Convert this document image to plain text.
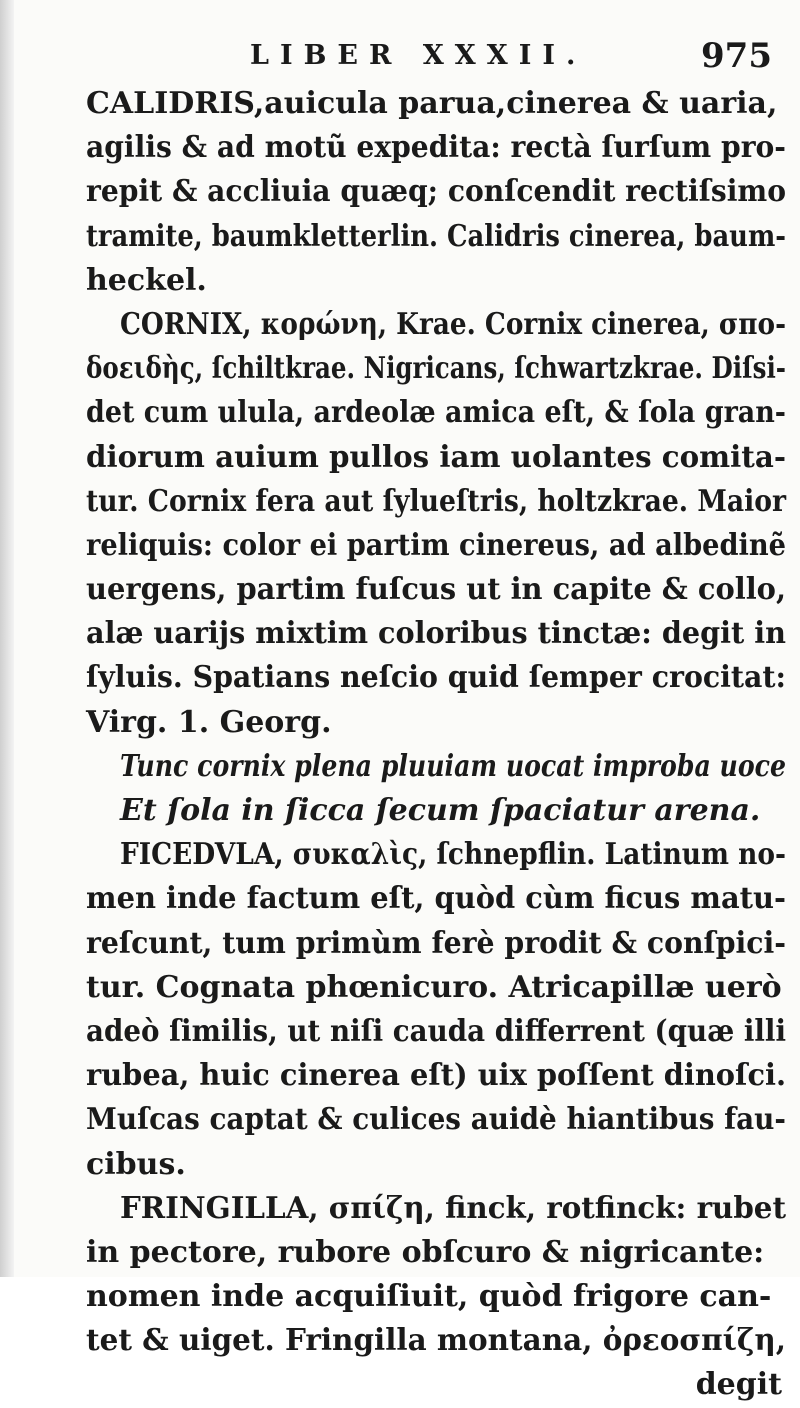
LIBER XXXII.	975
CALIDRIS,auicula parua,cinerea & uaria,
agilis & ad motũ expedita: rectà ſurſum pro-
repit & accliuia quæq; conſcendit rectiſsimo
tramite, baumkletterlin. Calidris cinerea, baum-
heckel.
CORNIX, κορώνη, Krae. Cornix cinerea, σπο-
δοειδὴς, ſchiltkrae. Nigricans, ſchwartzkrae. Diſsi-
det cum ulula, ardeolæ amica eſt, & ſola gran-
diorum auium pullos iam uolantes comita-
tur. Cornix fera aut ſylueſtris, holtzkrae. Maior
reliquis: color ei partim cinereus, ad albedinẽ
uergens, partim fuſcus ut in capite & collo,
alæ uarijs mixtim coloribus tinctæ: degit in
ſyluis. Spatians neſcio quid ſemper crocitat:
Virg. 1. Georg.
Tunc cornix plena pluuiam uocat improba uoce
Et ſola in ſicca ſecum ſpaciatur arena.
FICEDVLA, συκαλὶς, ſchnepflin. Latinum no-
men inde factum eſt, quòd cùm ficus matu-
reſcunt, tum primùm ferè prodit & conſpici-
tur. Cognata phœnicuro. Atricapillæ uerò
adeò ſimilis, ut niſi cauda differrent (quæ illi
rubea, huic cinerea eſt) uix poſſent dinoſci.
Muſcas captat & culices auidè hiantibus fau-
cibus.
FRINGILLA, σπίζη, finck, rotfinck: rubet
in pectore, rubore obſcuro & nigricante:
nomen inde acquiſiuit, quòd frigore can-
tet & uiget. Fringilla montana, ὀρεοσπίζη,
degit
